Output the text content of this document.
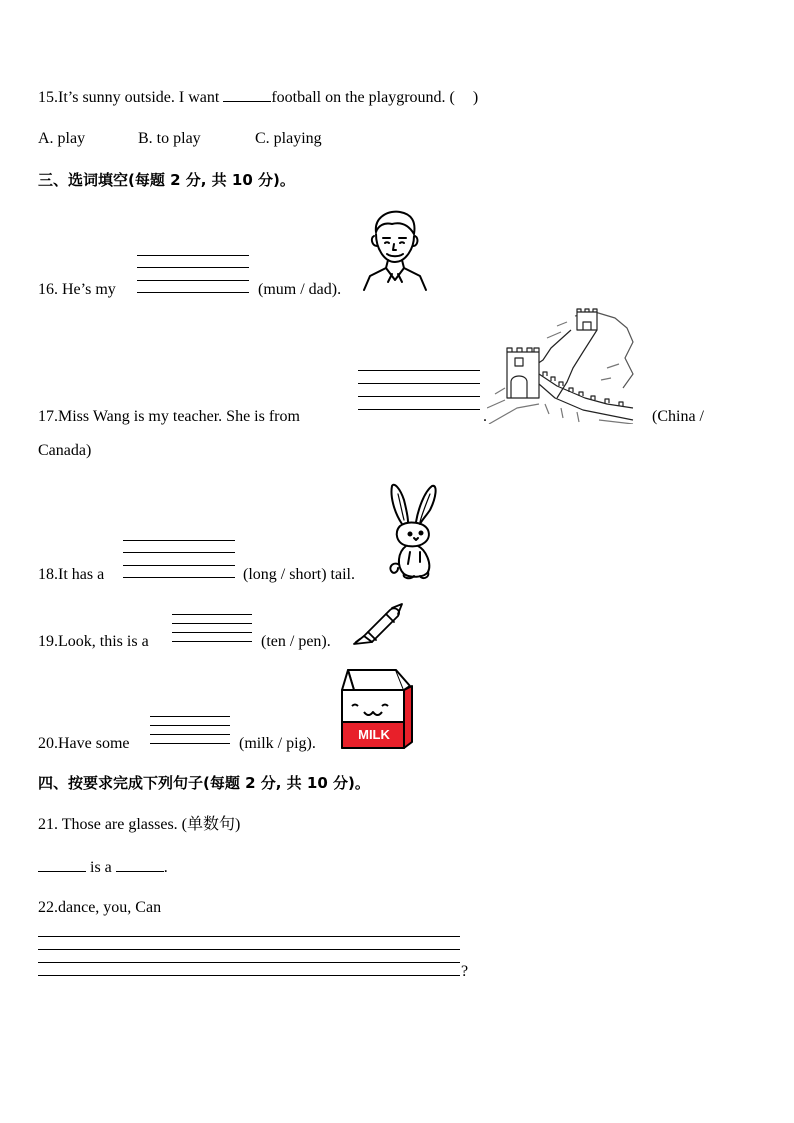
15.It’s sunny outside. I want	football on the playground. ( )
A. play	B. to play	C. playing
三、选词填空(每题 2 分, 共 10 分)。
16. He’s my	(mum / dad).
17.Miss Wang is my teacher. She is from	.	(China /
Canada)
18.It has a	(long / short) tail.
19.Look, this is a	(ten / pen).
20.Have some	(milk / pig).
MILK
四、按要求完成下列句子(每题 2 分, 共 10 分)。
21. Those are glasses. (单数句)
is a	.
22.dance, you, Can
?
